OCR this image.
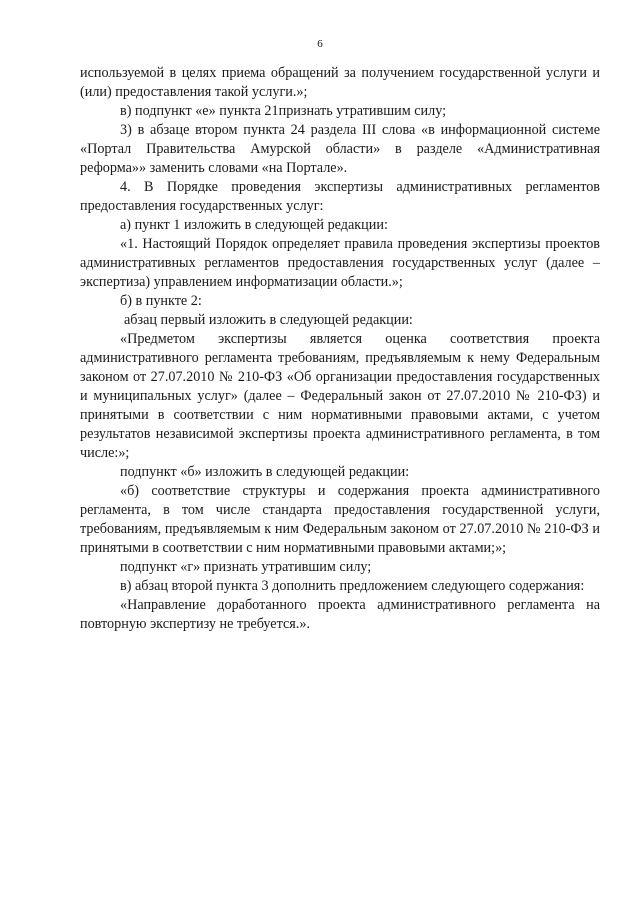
6

используемой в целях приема обращений за получением государственной услуги и (или) предоставления такой услуги.»;

в) подпункт «е» пункта 21признать утратившим силу;

3) в абзаце втором пункта 24 раздела III слова «в информационной системе «Портал Правительства Амурской области» в разделе «Административная реформа»» заменить словами «на Портале».

4. В Порядке проведения экспертизы административных регламентов предоставления государственных услуг:

а) пункт 1 изложить в следующей редакции:

«1. Настоящий Порядок определяет правила проведения экспертизы проектов административных регламентов предоставления государственных услуг (далее – экспертиза) управлением информатизации области.»;

б) в пункте 2:

абзац первый изложить в следующей редакции:

«Предметом экспертизы является оценка соответствия проекта административного регламента требованиям, предъявляемым к нему Федеральным законом от 27.07.2010 № 210-ФЗ «Об организации предоставления государственных и муниципальных услуг» (далее – Федеральный закон от 27.07.2010 № 210-ФЗ) и принятыми в соответствии с ним нормативными правовыми актами, с учетом результатов независимой экспертизы проекта административного регламента, в том числе:»;

подпункт «б» изложить в следующей редакции:

«б) соответствие структуры и содержания проекта административного регламента, в том числе стандарта предоставления государственной услуги, требованиям, предъявляемым к ним Федеральным законом от 27.07.2010 № 210-ФЗ и принятыми в соответствии с ним нормативными правовыми актами;»;

подпункт «г» признать утратившим силу;

в) абзац второй пункта 3 дополнить предложением следующего содержания:

«Направление доработанного проекта административного регламента на повторную экспертизу не требуется.».
